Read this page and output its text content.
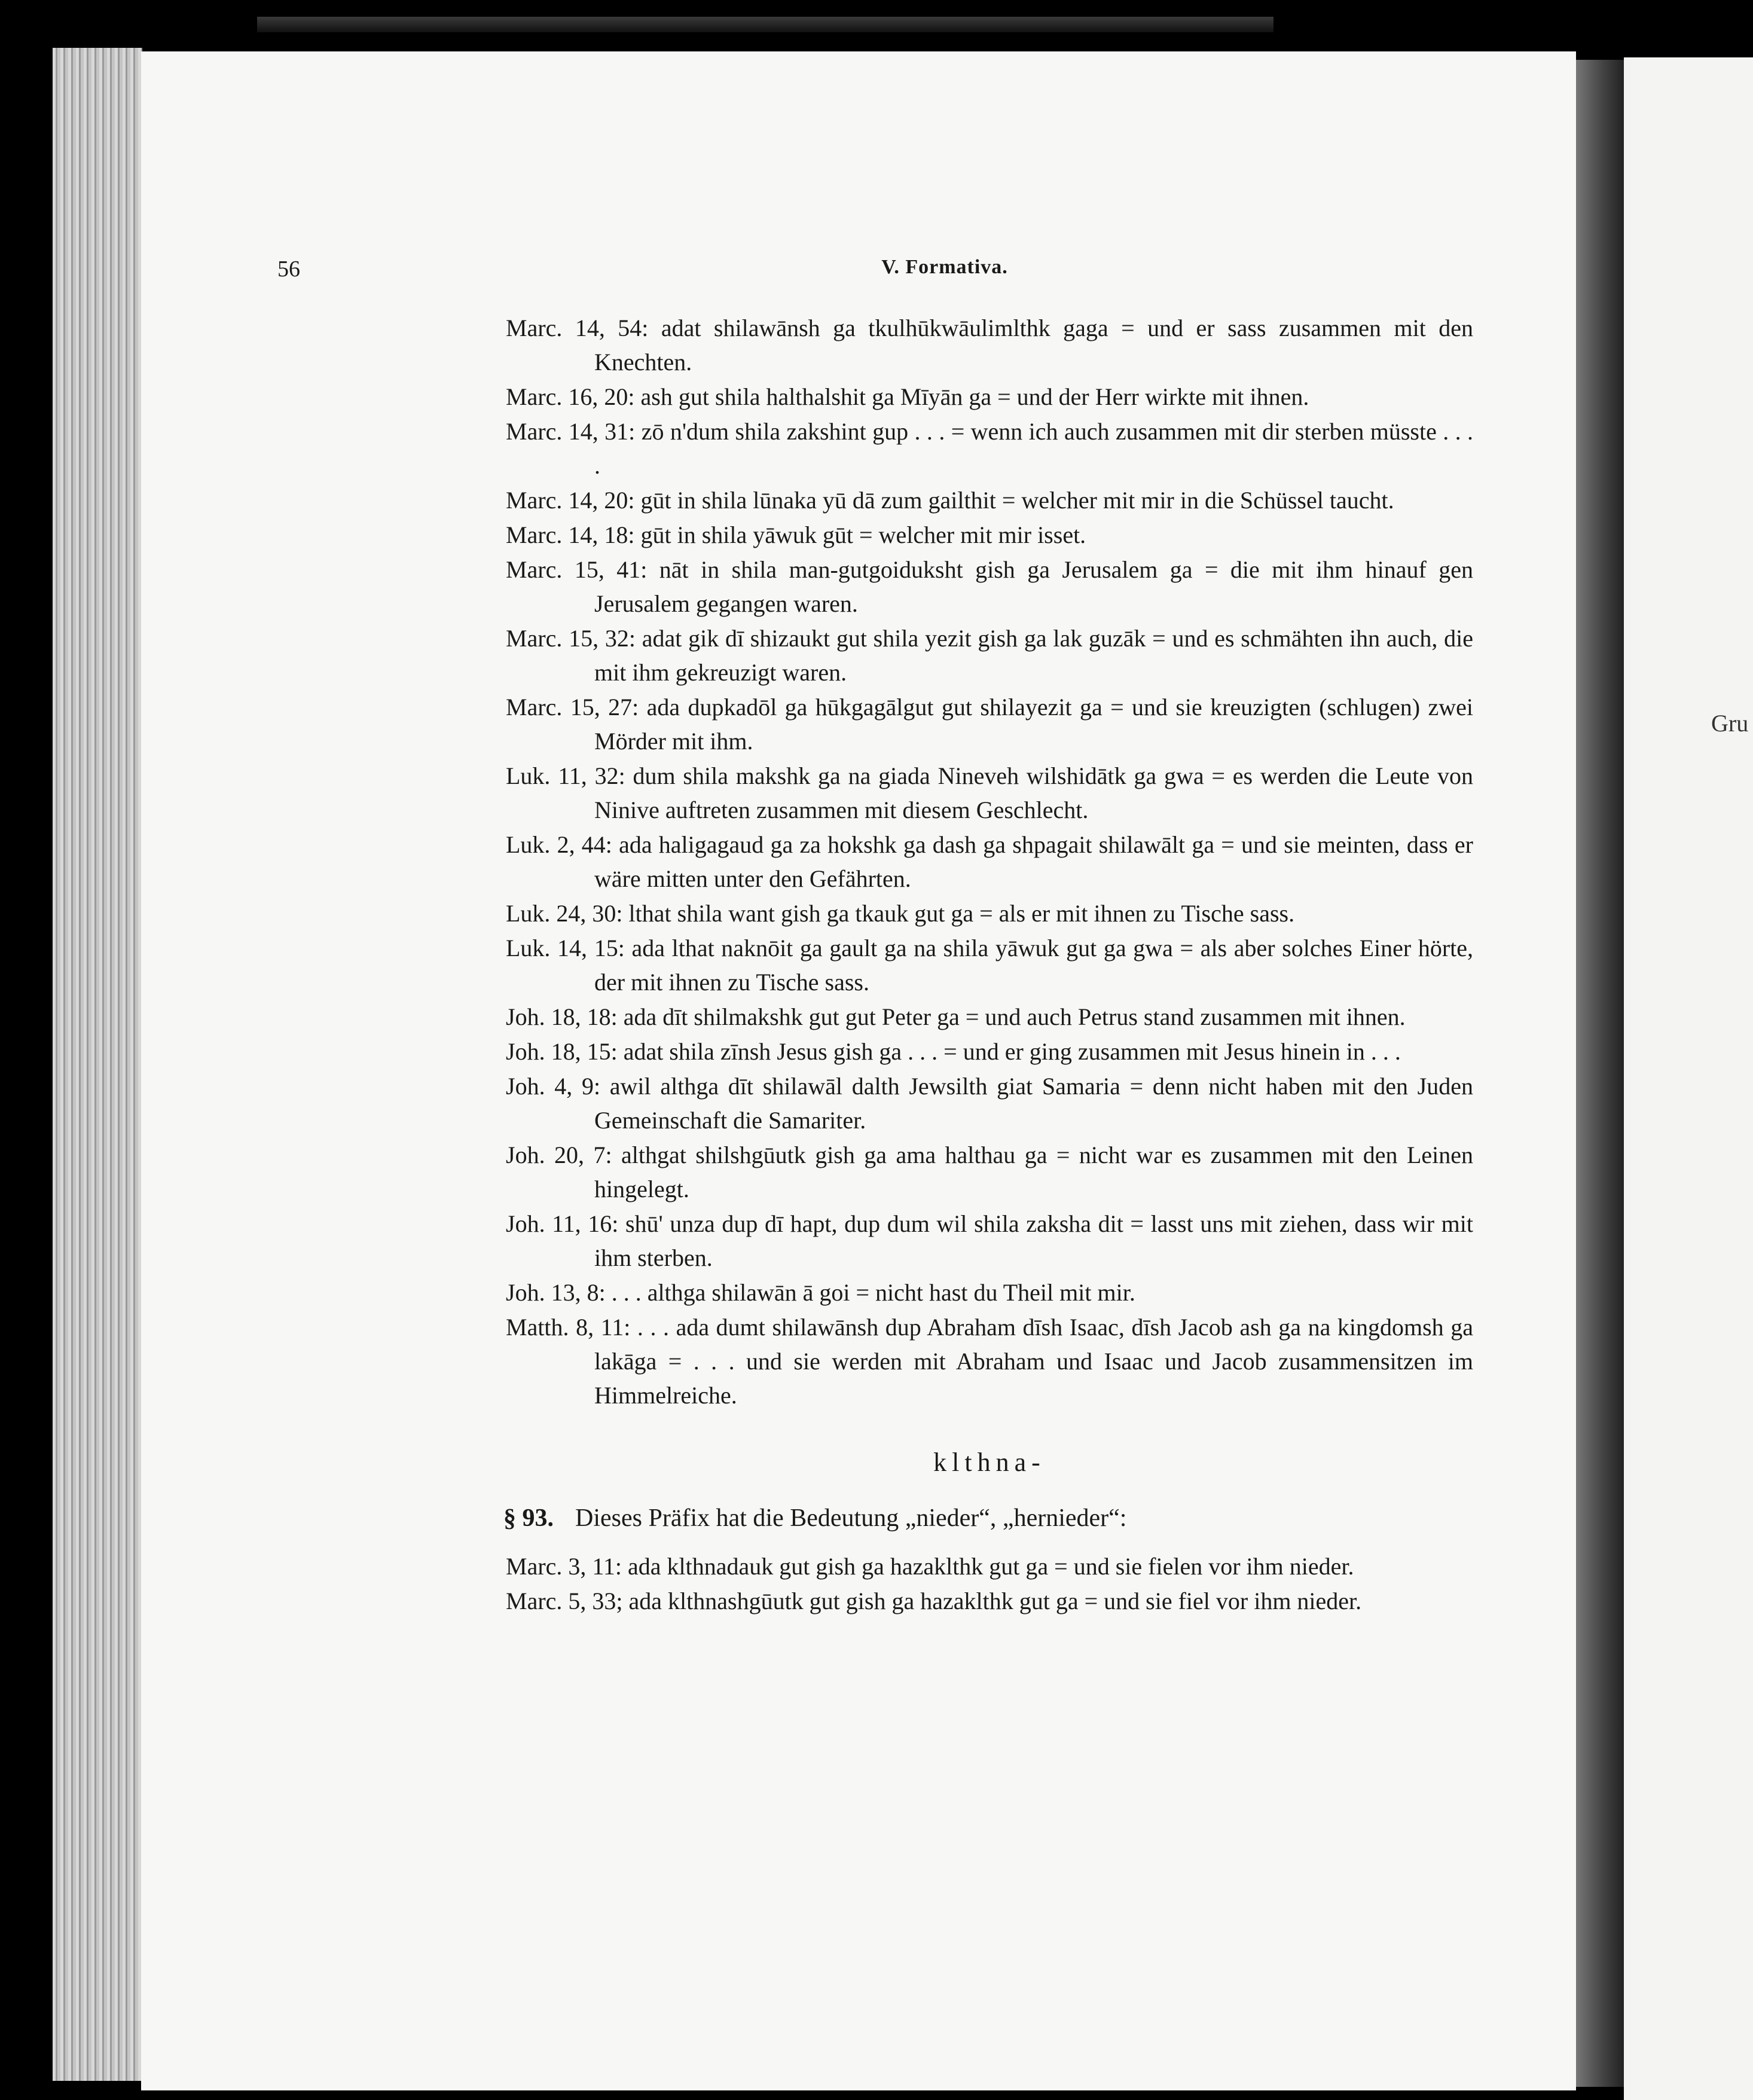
Gru
56	V. Formativa.

Marc. 14, 54: adat shilawānsh ga tkulhūkwāulimlthk gaga = und er sass zusammen mit den Knechten.

Marc. 16, 20: ash gut shila halthalshit ga Mīyān ga = und der Herr wirkte mit ihnen.

Marc. 14, 31: zō n'dum shila zakshint gup . . . = wenn ich auch zusammen mit dir sterben müsste . . . .

Marc. 14, 20: gūt in shila lūnaka yū dā zum gailthit = welcher mit mir in die Schüssel taucht.

Marc. 14, 18: gūt in shila yāwuk gūt = welcher mit mir isset.

Marc. 15, 41: nāt in shila man-gutgoiduksht gish ga Jerusalem ga = die mit ihm hinauf gen Jerusalem gegangen waren.

Marc. 15, 32: adat gik dī shizaukt gut shila yezit gish ga lak guzāk = und es schmähten ihn auch, die mit ihm gekreuzigt waren.

Marc. 15, 27: ada dupkadōl ga hūkgagālgut gut shilayezit ga = und sie kreuzigten (schlugen) zwei Mörder mit ihm.

Luk. 11, 32: dum shila makshk ga na giada Nineveh wilshidātk ga gwa = es werden die Leute von Ninive auftreten zusammen mit diesem Geschlecht.

Luk. 2, 44: ada haligagaud ga za hokshk ga dash ga shpagait shilawālt ga = und sie meinten, dass er wäre mitten unter den Gefährten.

Luk. 24, 30: lthat shila want gish ga tkauk gut ga = als er mit ihnen zu Tische sass.

Luk. 14, 15: ada lthat naknōit ga gault ga na shila yāwuk gut ga gwa = als aber solches Einer hörte, der mit ihnen zu Tische sass.

Joh. 18, 18: ada dīt shilmakshk gut gut Peter ga = und auch Petrus stand zusammen mit ihnen.

Joh. 18, 15: adat shila zīnsh Jesus gish ga . . . = und er ging zusammen mit Jesus hinein in . . .

Joh. 4, 9: awil althga dīt shilawāl dalth Jewsilth giat Samaria = denn nicht haben mit den Juden Gemeinschaft die Samariter.

Joh. 20, 7: althgat shilshgūutk gish ga ama halthau ga = nicht war es zusammen mit den Leinen hingelegt.

Joh. 11, 16: shū' unza dup dī hapt, dup dum wil shila zaksha dit = lasst uns mit ziehen, dass wir mit ihm sterben.

Joh. 13, 8: . . . althga shilawān ā goi = nicht hast du Theil mit mir.

Matth. 8, 11: . . . ada dumt shilawānsh dup Abraham dīsh Isaac, dīsh Jacob ash ga na kingdomsh ga lakāga = . . . und sie werden mit Abraham und Isaac und Jacob zusammensitzen im Himmelreiche.

klthna-

§ 93. Dieses Präfix hat die Bedeutung „nieder“, „hernieder“:

Marc. 3, 11: ada klthnadauk gut gish ga hazaklthk gut ga = und sie fielen vor ihm nieder.

Marc. 5, 33; ada klthnashgūutk gut gish ga hazaklthk gut ga = und sie fiel vor ihm nieder.
